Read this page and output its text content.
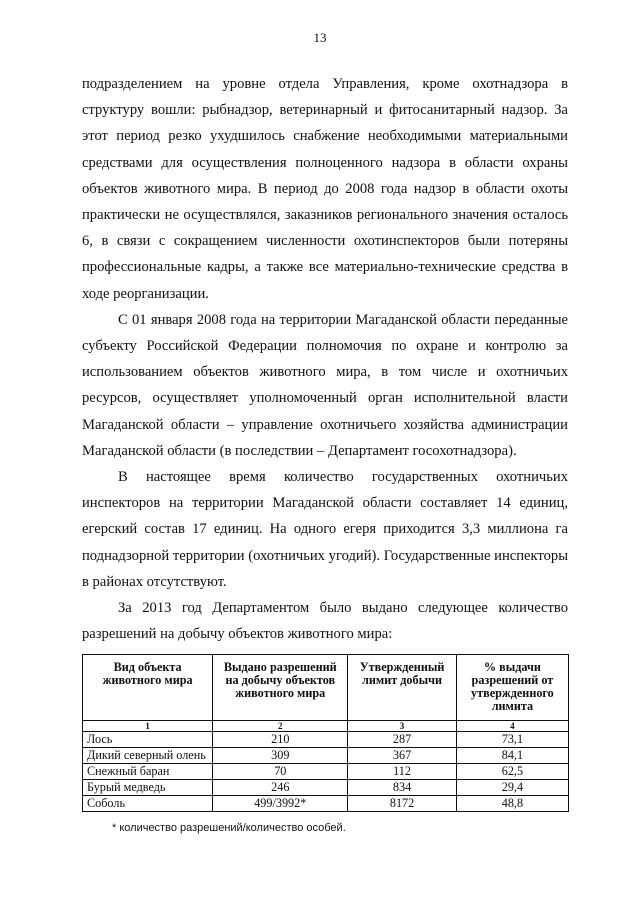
13

подразделением на уровне отдела Управления, кроме охотнадзора в структуру вошли: рыбнадзор, ветеринарный и фитосанитарный надзор. За этот период резко ухудшилось снабжение необходимыми материальными средствами для осуществления полноценного надзора в области охраны объектов животного мира. В период до 2008 года надзор в области охоты практически не осуществлялся, заказников регионального значения осталось 6, в связи с сокращением численности охотинспекторов были потеряны профессиональные кадры, а также все материально-технические средства в ходе реорганизации.

С 01 января 2008 года на территории Магаданской области переданные субъекту Российской Федерации полномочия по охране и контролю за использованием объектов животного мира, в том числе и охотничьих ресурсов, осуществляет уполномоченный орган исполнительной власти Магаданской области – управление охотничьего хозяйства администрации Магаданской области (в последствии – Департамент госохотнадзора).

В настоящее время количество государственных охотничьих инспекторов на территории Магаданской области составляет 14 единиц, егерский состав 17 единиц. На одного егеря приходится 3,3 миллиона га поднадзорной территории (охотничьих угодий). Государственные инспекторы в районах отсутствуют.

За 2013 год Департаментом было выдано следующее количество разрешений на добычу объектов животного мира:

Вид объекта животного мира	Выдано разрешений на добычу объектов животного мира	Утвержденный лимит добычи	% выдачи разрешений от утвержденного лимита
1	2	3	4
Лось	210	287	73,1
Дикий северный олень	309	367	84,1
Снежный баран	70	112	62,5
Бурый медведь	246	834	29,4
Соболь	499/3992*	8172	48,8
* количество разрешений/количество особей.
